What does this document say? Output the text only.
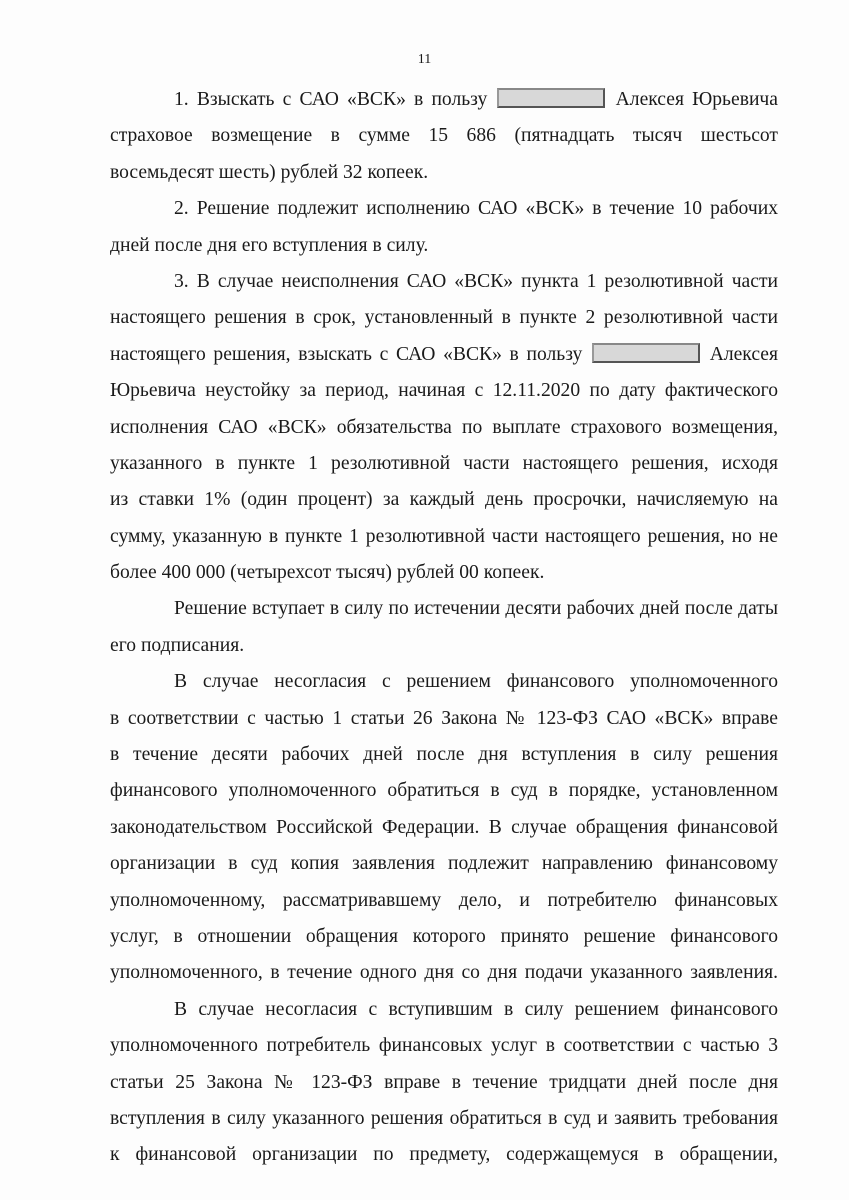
11
1. Взыскать с САО «ВСК» в пользу	Алексея Юрьевича
страховое возмещение в сумме 15 686 (пятнадцать тысяч шестьсот
восемьдесят шесть) рублей 32 копеек.
2. Решение подлежит исполнению САО «ВСК» в течение 10 рабочих
дней после дня его вступления в силу.
3. В случае неисполнения САО «ВСК» пункта 1 резолютивной части
настоящего решения в срок, установленный в пункте 2 резолютивной части
настоящего решения, взыскать с САО «ВСК» в пользу	Алексея
Юрьевича неустойку за период, начиная с 12.11.2020 по дату фактического
исполнения САО «ВСК» обязательства по выплате страхового возмещения,
указанного в пункте 1 резолютивной части настоящего решения, исходя
из ставки 1% (один процент) за каждый день просрочки, начисляемую на
сумму, указанную в пункте 1 резолютивной части настоящего решения, но не
более 400 000 (четырехсот тысяч) рублей 00 копеек.
Решение вступает в силу по истечении десяти рабочих дней после даты
его подписания.
В случае несогласия с решением финансового уполномоченного
в соответствии с частью 1 статьи 26 Закона № 123-ФЗ САО «ВСК» вправе
в течение десяти рабочих дней после дня вступления в силу решения
финансового уполномоченного обратиться в суд в порядке, установленном
законодательством Российской Федерации. В случае обращения финансовой
организации в суд копия заявления подлежит направлению финансовому
уполномоченному, рассматривавшему дело, и потребителю финансовых
услуг, в отношении обращения которого принято решение финансового
уполномоченного, в течение одного дня со дня подачи указанного заявления.
В случае несогласия с вступившим в силу решением финансового
уполномоченного потребитель финансовых услуг в соответствии с частью 3
статьи 25 Закона № 123-ФЗ вправе в течение тридцати дней после дня
вступления в силу указанного решения обратиться в суд и заявить требования
к финансовой организации по предмету, содержащемуся в обращении,
